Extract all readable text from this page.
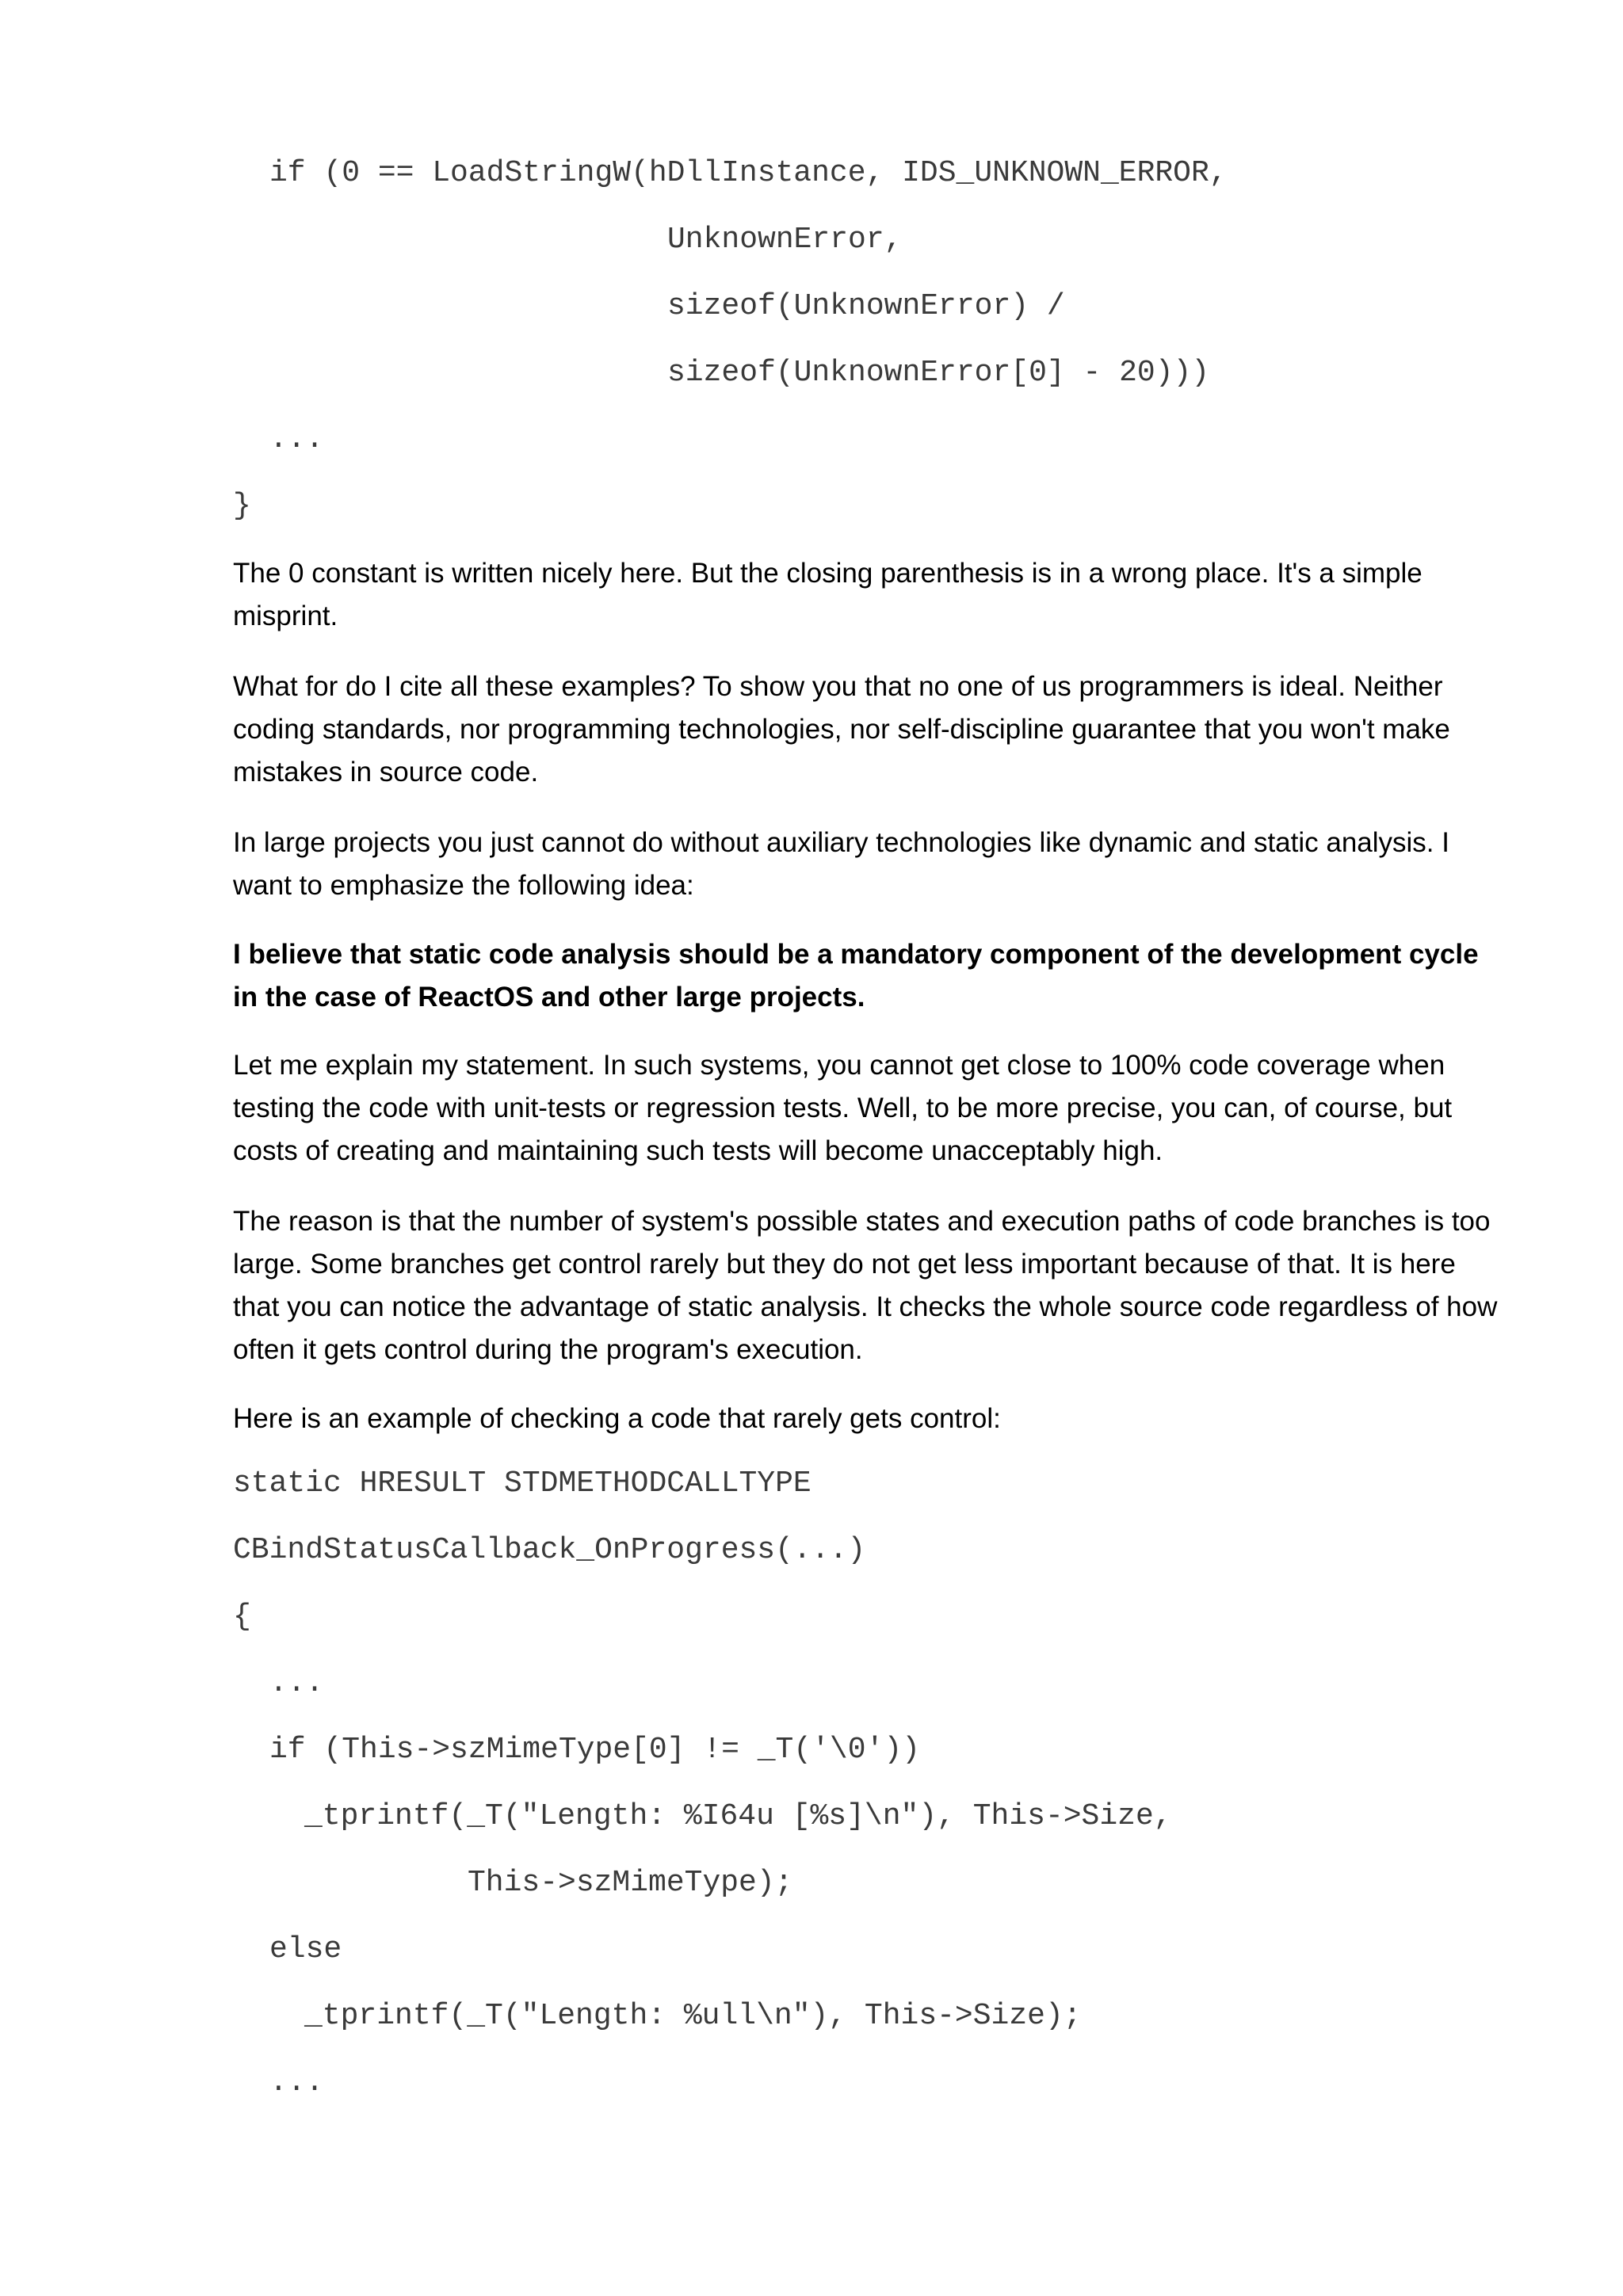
if (0 == LoadStringW(hDllInstance, IDS_UNKNOWN_ERROR,
UnknownError,
sizeof(UnknownError) /
sizeof(UnknownError[0] - 20)))
...
}

The 0 constant is written nicely here. But the closing parenthesis is in a wrong place. It's a simple misprint.

What for do I cite all these examples? To show you that no one of us programmers is ideal. Neither coding standards, nor programming technologies, nor self-discipline guarantee that you won't make mistakes in source code.

In large projects you just cannot do without auxiliary technologies like dynamic and static analysis. I want to emphasize the following idea:

I believe that static code analysis should be a mandatory component of the development cycle in the case of ReactOS and other large projects.

Let me explain my statement. In such systems, you cannot get close to 100% code coverage when testing the code with unit-tests or regression tests. Well, to be more precise, you can, of course, but costs of creating and maintaining such tests will become unacceptably high.

The reason is that the number of system's possible states and execution paths of code branches is too large. Some branches get control rarely but they do not get less important because of that. It is here that you can notice the advantage of static analysis. It checks the whole source code regardless of how often it gets control during the program's execution.

Here is an example of checking a code that rarely gets control:

static HRESULT STDMETHODCALLTYPE
CBindStatusCallback_OnProgress(...)
{
...
if (This->szMimeType[0] != _T('\0'))
_tprintf(_T("Length: %I64u [%s]\n"), This->Size,
This->szMimeType);
else
_tprintf(_T("Length: %ull\n"), This->Size);
...
